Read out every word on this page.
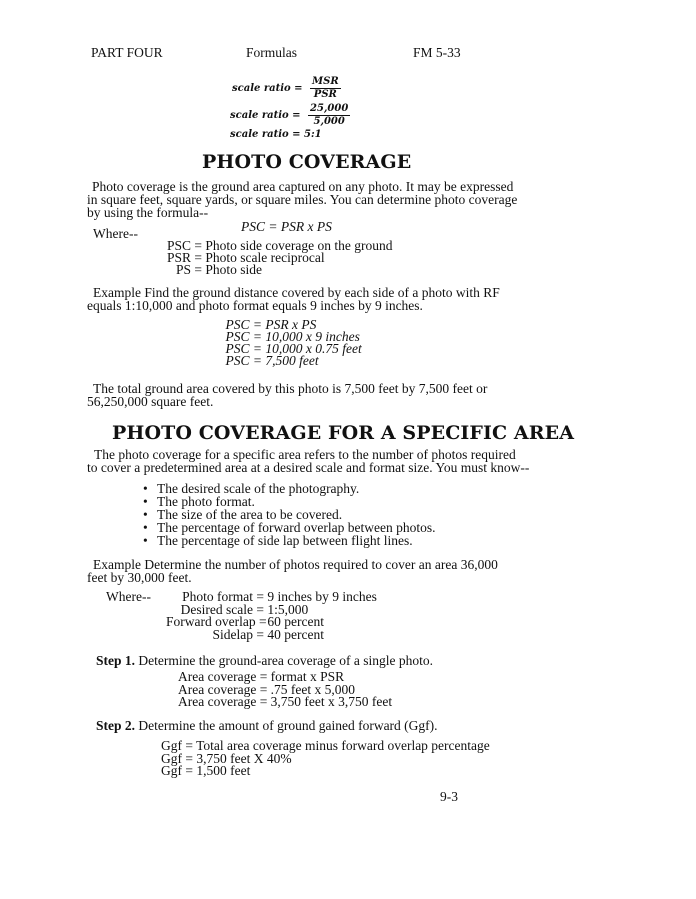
PART FOUR	Formulas	FM 5-33
scale ratio = $\frac{\text{MSR}}{\text{PSR}}$
scale ratio = $\frac{25,000}{5,000}$
scale ratio = 5:1
PHOTO COVERAGE
Photo coverage is the ground area captured on any photo. It may be expressed
in square feet, square yards, or square miles. You can determine photo coverage
by using the formula--
PSC = PSR x PS
Where--
PSC = Photo side coverage on the ground
PSR = Photo scale reciprocal
PS = Photo side
Example Find the ground distance covered by each side of a photo with RF
equals 1:10,000 and photo format equals 9 inches by 9 inches.
PSC = PSR x PS
PSC = 10,000 x 9 inches
PSC = 10,000 x 0.75 feet
PSC = 7,500 feet
The total ground area covered by this photo is 7,500 feet by 7,500 feet or
56,250,000 square feet.
PHOTO COVERAGE FOR A SPECIFIC AREA
The photo coverage for a specific area refers to the number of photos required
to cover a predetermined area at a desired scale and format size. You must know--
• The desired scale of the photography.
• The photo format.
• The size of the area to be covered.
• The percentage of forward overlap between photos.
• The percentage of side lap between flight lines.
Example Determine the number of photos required to cover an area 36,000
feet by 30,000 feet.
Where--	Photo format = 9 inches by 9 inches
Desired scale = 1:5,000
Forward overlap = 60 percent
Sidelap = 40 percent
Step 1. Determine the ground-area coverage of a single photo.
Area coverage = format x PSR
Area coverage = .75 feet x 5,000
Area coverage = 3,750 feet x 3,750 feet
Step 2. Determine the amount of ground gained forward (Ggf).
Ggf = Total area coverage minus forward overlap percentage
Ggf = 3,750 feet X 40%
Ggf = 1,500 feet
9-3
